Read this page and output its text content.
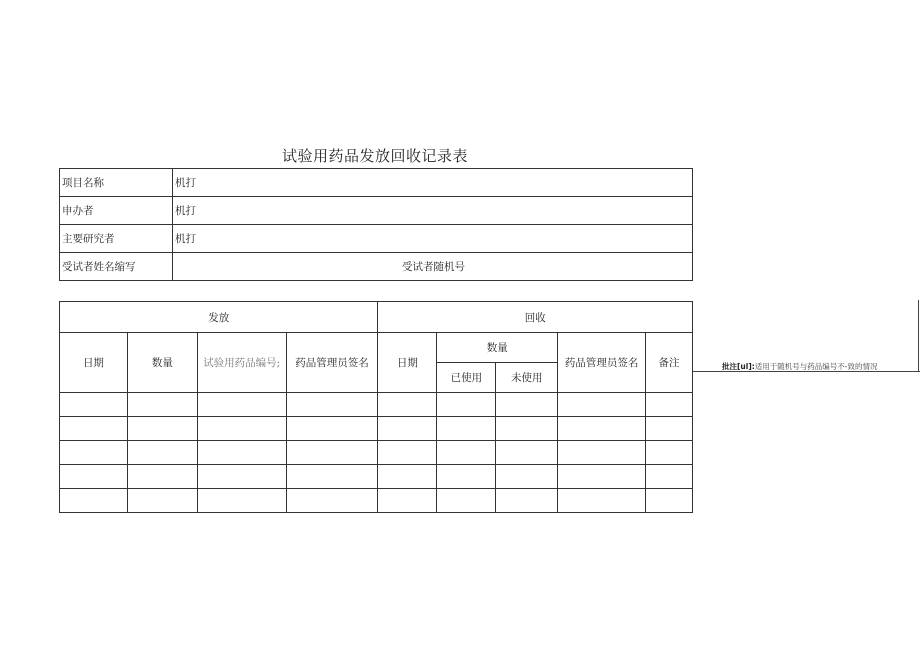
试验用药品发放回收记录表
项目名称	机打
申办者	机打
主要研究者	机打
受试者姓名缩写	受试者随机号
发放				回收				
日期	数量	试验用药品编号;	药品管理员签名	日期	数量		药品管理员签名	备注
					已使用	未使用		

批注[ul]:适用于随机号与药品编号不-致的情况
